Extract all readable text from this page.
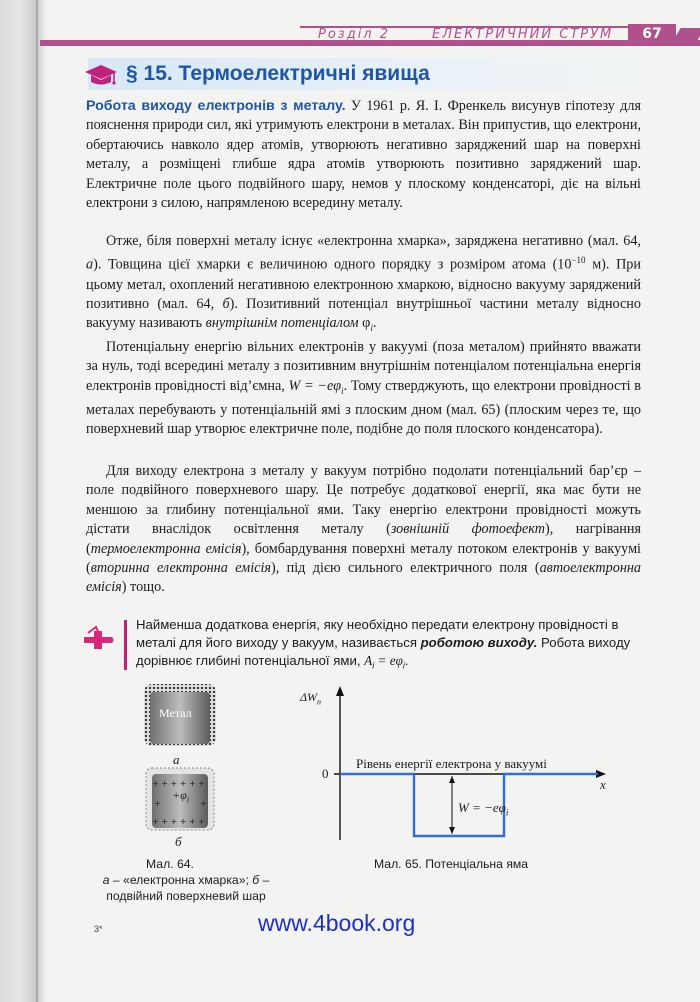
Розділ 2	ЕЛЕКТРИЧНИЙ СТРУМ	67
§ 15. Термоелектричні явища
Робота виходу електронів з металу. У 1961 р. Я. І. Френкель висунув гіпотезу для пояснення природи сил, які утримують електрони в металах. Він припустив, що електрони, обертаючись навколо ядер атомів, утворюють негативно заряджений шар на поверхні металу, а розміщені глибше ядра атомів утворюють позитивно заряджений шар. Електричне поле цього подвійного шару, немов у плоскому конденсаторі, діє на вільні електрони з силою, напрямленою всередину металу.
Отже, біля поверхні металу існує «електронна хмарка», заряджена негативно (мал. 64, а). Товщина цієї хмарки є величиною одного порядку з розміром атома ($10^{-10}$ м). При цьому метал, охоплений негативною електронною хмаркою, відносно вакууму заряджений позитивно (мал. 64, б). Позитивний потенціал внутрішньої частини металу відносно вакууму називають внутрішнім потенціалом $\varphi_i$.
Потенціальну енергію вільних електронів у вакуумі (поза металом) прийнято вважати за нуль, тоді всередині металу з позитивним внутрішнім потенціалом потенціальна енергія електронів провідності від’ємна, $W = -e\varphi_i$. Тому стверджують, що електрони провідності в металах перебувають у потенціальній ямі з плоским дном (мал. 65) (плоским через те, що поверхневий шар утворює електричне поле, подібне до поля плоского конденсатора).
Для виходу електрона з металу у вакуум потрібно подолати потенціальний бар’єр – поле подвійного поверхневого шару. Це потребує додаткової енергії, яка має бути не меншою за глибину потенціальної ями. Таку енергію електрони провідності можуть дістати внаслідок освітлення металу (зовнішній фотоефект), нагрівання (термоелектронна емісія), бомбардування поверхні металу потоком електронів у вакуумі (вторинна електронна емісія), під дією сильного електричного поля (автоелектронна емісія) тощо.
Найменша додаткова енергія, яку необхідно передати електрону провідності в металі для його виходу у вакуум, називається роботою виходу. Робота виходу дорівнює глибині потенціальної ями, $A_i = e\varphi_i$.
+ + + + + +
+ + + + + +
+	+
Метал
$+\varphi_i$
а
б
Мал. 64.
а – «електронна хмарка»; б – подвійний поверхневий шар
$\Delta W_п$
0
x
Рівень енергії електрона у вакуумі
$W = -e\varphi_i$
Мал. 65. Потенціальна яма
3*	www.4book.org
